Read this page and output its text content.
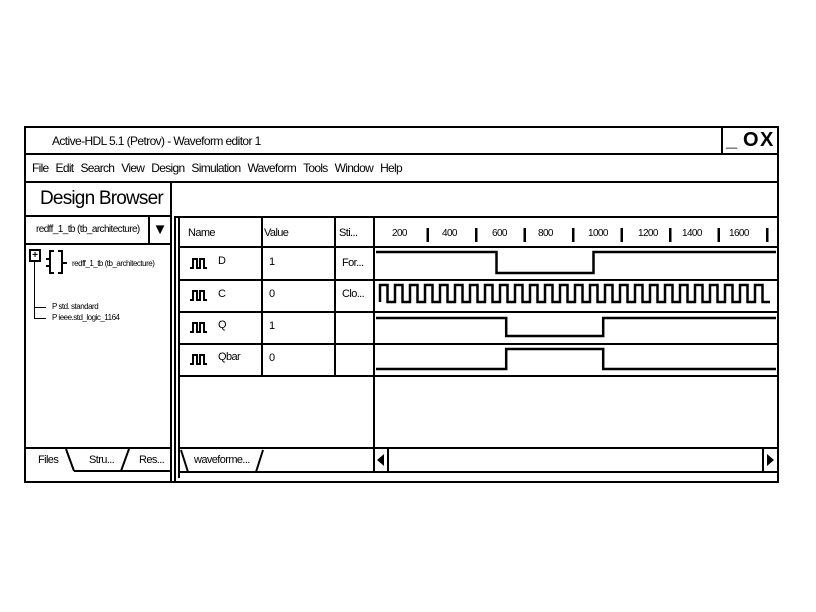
Active-HDL 5.1 (Petrov) - Waveform editor 1	_ O X
File Edit Search View Design Simulation Waveform Tools Window Help
Design Browser
redff_1_tb (tb_architecture) ▼
+
redff_1_tb (tb_architecture)
P std. standard
P ieee.std_logic_1164
Files	Stru... Res...
Name	Value	Sti...	200	400	600	800	1000	1200 1400	1600
D	1	For...
C	0	Clo...
Q	1
Qbar	0
waveforme...
